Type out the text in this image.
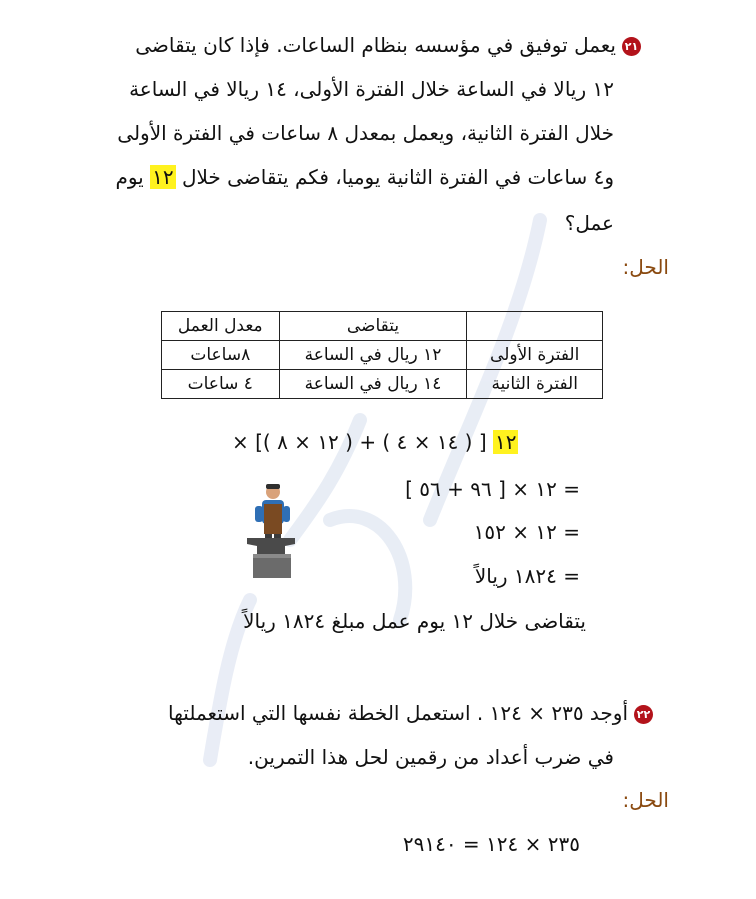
٢١يعمل توفيق في مؤسسه بنظام الساعات. فإذا كان يتقاضى
١٢ ريالا في الساعة خلال الفترة الأولى، ١٤ ريالا في الساعة
خلال الفترة الثانية، ويعمل بمعدل ٨ ساعات في الفترة الأولى
و٤ ساعات في الفترة الثانية يوميا، فكم يتقاضى خلال ١٢ يوم
عمل؟
الحل:
	يتقاضى	معدل العمل
الفترة الأولى	١٢ ريال في الساعة	٨ساعات
الفترة الثانية	١٤ ريال في الساعة	٤ ساعات
× [( ١٢ × ٨ ) + ( ١٤ × ٤ ) ] ١٢
= ١٢ × [ ٩٦ + ٥٦ ]
= ١٢ × ١٥٢
= ١٨٢٤ ريالاً
يتقاضى خلال ١٢ يوم عمل مبلغ ١٨٢٤ ريالاً
٢٢أوجد ٢٣٥ × ١٢٤ . استعمل الخطة نفسها التي استعملتها
في ضرب أعداد من رقمين لحل هذا التمرين.
الحل:
٢٣٥ × ١٢٤ = ٢٩١٤٠
